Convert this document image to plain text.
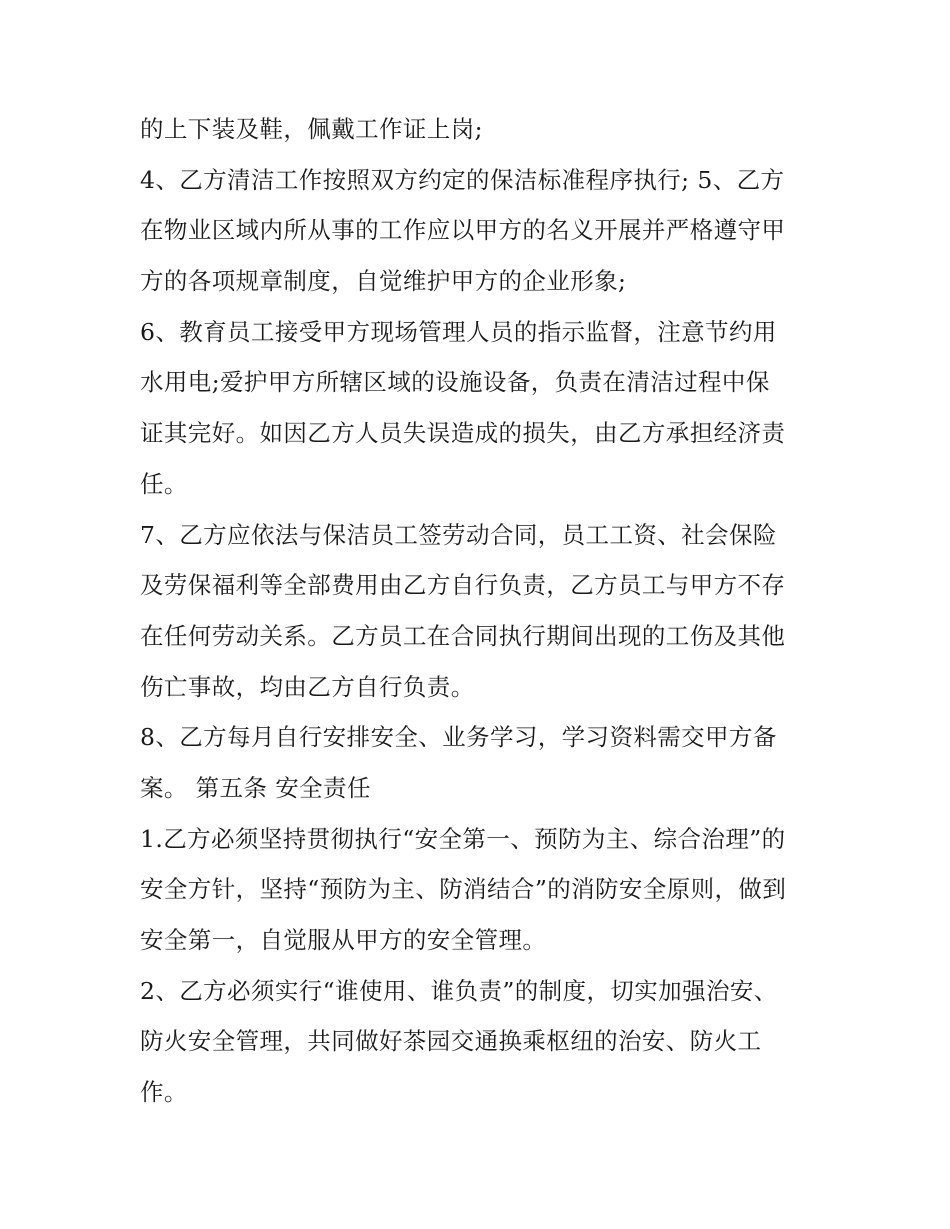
的上下装及鞋，佩戴工作证上岗;
4、乙方清洁工作按照双方约定的保洁标准程序执行; 5、乙方
在物业区域内所从事的工作应以甲方的名义开展并严格遵守甲
方的各项规章制度，自觉维护甲方的企业形象;
6、教育员工接受甲方现场管理人员的指示监督，注意节约用
水用电;爱护甲方所辖区域的设施设备，负责在清洁过程中保
证其完好。如因乙方人员失误造成的损失，由乙方承担经济责
任。
7、乙方应依法与保洁员工签劳动合同，员工工资、社会保险
及劳保福利等全部费用由乙方自行负责，乙方员工与甲方不存
在任何劳动关系。乙方员工在合同执行期间出现的工伤及其他
伤亡事故，均由乙方自行负责。
8、乙方每月自行安排安全、业务学习，学习资料需交甲方备
案。 第五条 安全责任
1.乙方必须坚持贯彻执行“安全第一、预防为主、综合治理”的
安全方针，坚持“预防为主、防消结合”的消防安全原则，做到
安全第一，自觉服从甲方的安全管理。
2、乙方必须实行“谁使用、谁负责”的制度，切实加强治安、
防火安全管理，共同做好茶园交通换乘枢纽的治安、防火工
作。
